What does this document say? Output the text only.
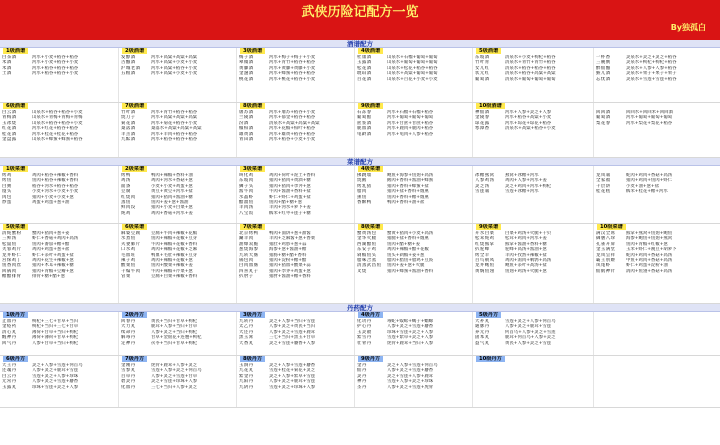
武侠历险记配方一览
By独孤白
酒谱配方
1级酒谱
白茶酒	河水+小麦+稻谷+稻谷
米酒	河水+小麦+稻谷+小麦
米酒	河水+稻谷+稻谷+稻谷
土酒	河水+稻谷+稻谷+小麦
2级酒谱
发酵酒	河水+高粱+高粱+高粱
古酿酒	河水+高粱+小麦+小麦
沪城老酒	河水+高粱+稻谷+小麦
五粮酒	河水+高粱+小麦+小麦
3级酒谱
梅子酒	河水+梅子+梅子+小麦
翠微酒	河水+青竹+稻谷+稻谷
黄藤酒	河水+黄藤+黄藤+小麦
金盏酒	河水+蜂蜜+稻谷+稻谷
桃花酒	河水+桃花+稻谷+小麦
4级酒谱
杜康酒	山泉水+石榴+葡萄+葡萄
玉露酒	山泉水+葡萄+葡萄+葡萄
松花酒	山泉水+松花+稻谷+稻谷
琥珀酒	山泉水+高粱+葡萄+葡萄
百花酒	山泉水+百花+小麦+小麦
5级酒谱
东坡酒	清泉水+小麦+枸杞+稻谷
竹叶青	清泉水+青竹+青竹+稻谷
女儿红	清泉水+稻谷+稻谷+稻谷
状元红	清泉水+稻谷+高粱+高粱
葡萄酒	清泉水+葡萄+葡萄+葡萄
一杯香	灵泉水+灵芝+灵芝+稻谷
三碗倒	灵泉水+枸杞+枸杞+稻谷
醉仙酿	灵泉水+人参+人参+稻谷
猴儿酒	灵泉水+果子+果子+果子
忘忧酒	灵泉水+雪莲+雪莲+稻谷
6级酒谱
白云酒	山泉水+稻谷+稻谷+小麦
青梅酒	山泉水+青梅+青梅+青梅
玉冰烧	山泉水+稻谷+稻谷+小麦
红花酒	河水+红花+稻谷+稻谷
桂花酒	河水+桂花+桂花+稻谷
金盘露	山泉水+蜂蜜+蜂蜜+稻谷
7级酒谱
竹叶酒	河水+青竹+稻谷+稻谷
烧刀子	河水+高粱+高粱+高粱
菊花酒	河水+菊花+稻谷+小麦
桑落酒	桑落水+高粱+高粱+高粱
羊羔酒	河水+羊肉+稻谷+稻谷
九酝酒	河水+稻谷+稻谷+稻谷
8级酒谱
屠苏酒	河水+屠苏+稻谷+小麦
兰陵酒	河水+郁金+稻谷+稻谷
汾酒	清泉水+高粱+高粱+高粱
椒柏酒	河水+花椒+柏叶+稻谷
雄黄酒	河水+雄黄+稻谷+稻谷
青田酒	河水+稻谷+小麦+小麦
9级酒谱
石冻春	河水+石榴+石榴+稻谷
葡萄醅	河水+葡萄+葡萄+葡萄
蔗浆酒	河水+甘蔗+甘蔗+稻谷
鹿血酒	河水+鹿肉+鹿肉+稻谷
龟龄酒	河水+龟肉+人参+稻谷
10级酒谱
神仙酒	河水+人参+灵芝+人参
金陵春	河水+稻谷+高粱+小麦
琼花露	河水+琼花+琼花+稻谷
寒潭香	清泉水+高粱+稻谷+小麦
回回酒	回回水+回回米+回回酒
葡萄酒	河水+葡萄+葡萄+葡萄
梨花春	河水+梨花+梨花+稻谷
菜谱配方
1级菜谱
烤鸡	鸡肉+稻谷+辣椒+香料
烤鱼	鱼肉+稻谷+辣椒+香料
白粥	稻谷+河水+稻谷+稻谷
馒头	小麦+河水+小麦+小麦
肉包	猪肉+小麦+小麦+葱
炒蛋	鸡蛋+鸡蛋+葱+油
2级菜谱
烤鸭	鸭肉+辣椒+香料+油
鸡汤	鸡肉+河水+香菇+葱
面条	小麦+小麦+鸡蛋+葱
豆腐	黄豆+黄豆+河水+盐
红烧肉	猪肉+猪肉+酱油+糖
蒸鱼	鱼肉+姜+葱+酱油
鲜肉饺	猪肉+小麦+白菜+葱
炖鸡	鸡肉+香菇+河水+姜
3级菜谱
叫化鸡	鸡肉+荷叶+泥土+香料
东坡肉	猪肉+猪肉+黄酒+糖
狮子头	猪肉+猪肉+荸荠+葱
酱牛肉	牛肉+酱油+香料+盐
水晶虾	虾仁+虾仁+鸡蛋+盐
醋溜鱼	鱼肉+醋+糖+葱
羊肉汤	羊肉+河水+萝卜+姜
八宝饭	糯米+红枣+莲子+糖
4级菜谱
佛跳墙	鲍鱼+海参+鱼翅+高汤
烧鹅	鹅肉+香料+酱油+蜂蜜
烤乳猪	猪肉+香料+蜂蜜+盐
腊肉	猪肉+盐+香料+烟熏
熏鱼	鱼肉+香料+糖+烟熏
香酥鸭	鸭肉+香料+油+盐
冰糖燕窝	燕窝+冰糖+河水
人参鸡汤	鸡肉+人参+河水+姜
灵芝汤	灵芝+鸡肉+河水+枸杞
雪莲羹	雪莲+冰糖+河水
龙凤羹	蛇肉+鸡肉+香菇+高汤
全家福	猪肉+鸡肉+鱼肉+虾仁
千层饼	小麦+油+葱+盐
桂花糕	糯米+桂花+糖+河水
5级菜谱
清炖蟹粉	蟹肉+猪肉+葱+姜
三鲜汤	虾仁+香菇+鸡肉+高汤
松鼠鱼	鱼肉+番茄+糖+醋
芙蓉鸡片	鸡肉+鸡蛋+葱+盐
龙井虾仁	虾仁+茶叶+鸡蛋+盐
宫保鸡丁	鸡肉+花生+辣椒+葱
鱼香肉丝	猪肉+木耳+辣椒+糖
回锅肉	猪肉+青椒+豆瓣+葱
糖醋排骨	排骨+糖+醋+葱
6级菜谱
麻婆豆腐	豆腐+牛肉+辣椒+花椒
水煮鱼	鱼肉+辣椒+花椒+豆芽
夫妻肺片	牛肉+辣椒+花椒+香料
口水鸡	鸡肉+辣椒+花椒+芝麻
毛血旺	鸭血+毛肚+辣椒+豆芽
辣子鸡	鸡肉+辣椒+花椒+葱
酸菜鱼	鱼肉+酸菜+辣椒+姜
干煸牛肉	牛肉+辣椒+芹菜+葱
冒菜	豆腐+白菜+辣椒+香料
7级菜谱
北京烤鸭	鸭肉+面饼+葱+甜酱
涮羊肉	羊肉+芝麻酱+葱+香菜
油爆双脆	猪肚+鸡胗+葱+蒜
葱烧海参	海参+葱+酱油+糖
九转大肠	猪肠+糖+醋+香料
锅包肉	猪肉+淀粉+糖+醋
白肉血肠	猪肉+猪血+酸菜+蒜
四喜丸子	猪肉+荸荠+鸡蛋+葱
扒肘子	猪肘+酱油+糖+香料
8级菜谱
蟹黄汤包	蟹黄+猪肉+小麦+高汤
金华火腿	猪腿+盐+香料+烟熏
西湖醋鱼	鱼肉+醋+糖+姜
东安子鸡	鸡肉+辣椒+醋+花椒
剁椒鱼头	鱼头+剁椒+姜+葱
腊味合蒸	腊肉+腊鱼+腊鸡+豆豉
清蒸武昌鱼	鱼肉+姜+葱+火腿
叉烧	猪肉+蜂蜜+酱油+香料
9级菜谱
开水白菜	白菜+鸡汤+火腿+干贝
松茸炖鸡	松茸+鸡肉+河水+姜
红烧熊掌	熊掌+酱油+香料+糖
扒驼峰	驼峰+高汤+酱油+葱
烤全羊	羊肉+孜然+辣椒+盐
百鸟朝凤	鸡肉+鸽肉+鹌鹑+高汤
龙井鲍鱼	鲍鱼+茶叶+高汤+盐
黄焖鱼翅	鱼翅+鸡汤+火腿+葱
10级菜谱
满汉全席	熊掌+燕窝+鱼翅+鲍鱼
御膳八珍	海参+鲍鱼+鱼翅+燕窝
孔雀开屏	鱼肉+青椒+红椒+葱
金玉满堂	玉米+虾仁+豌豆+胡萝卜
龙凤呈祥	蛇肉+鸡肉+香菇+高汤
霸王别姬	甲鱼+鸡肉+香菇+高汤
凤尾虾	虾仁+鸡蛋+淀粉+油
仙鹤神针	鸽肉+鱼翅+香菇+高汤
丹药配方
1级丹方
止血丹	枸杞+三七+甘草+当归
金疮药	枸杞+当归+三七+甘草
清心丸	薄荷+甘草+当归+枸杞
醒神丹	薄荷+薄荷+甘草+枸杞
回气丹	人参+甘草+当归+枸杞
2级丹方
回春丹	黄芪+当归+甘草+枸杞
大力丸	鹿茸+人参+当归+甘草
续命丹	人参+灵芝+当归+枸杞
解毒丹	甘草+金银花+连翘+枸杞
定神丹	茯苓+当归+甘草+枸杞
3级丹方
九转丹	灵芝+人参+当归+雪莲
太乙丹	人参+灵芝+黄芪+当归
大还丹	人参+灵芝+雪莲+鹿茸
黑玉膏	三七+当归+黑玉+甘草
天香丸	灵芝+雪莲+麝香+人参
4级丹方
化功丹	毒蛇+蜈蚣+蝎子+蟾蜍
护心丹	人参+灵芝+雪莲+麝香
玉灵散	珍珠+雪莲+灵芝+人参
紫雪丹	雪莲+紫草+灵芝+人参
壮骨丹	虎骨+鹿茸+当归+人参
5级丹方
大补丸	雪莲+灵芝+人参+何首乌
通脉丹	人参+灵芝+鹿茸+雪莲
养元丹	何首乌+人参+灵芝+雪莲
固本丸	鹿茸+何首乌+人参+灵芝
益气丸	黄芪+人参+灵芝+雪莲
6级丹方
天王丹	灵芝+人参+雪莲+何首乌
还魂丹	人参+灵芝+鹿茸+雪莲
白云丹	雪莲+灵芝+人参+珍珠
无常丹	人参+灵芝+雪莲+麝香
玉露丸	珍珠+雪莲+灵芝+人参
7级丹方
金刚丹	虎骨+鹿茸+人参+灵芝
雪参丸	雪莲+人参+灵芝+何首乌
百草丹	人参+灵芝+雪莲+甘草
碧灵丹	灵芝+雪莲+珍珠+人参
化血丹	三七+当归+人参+灵芝
8级丹方
玉洞丹	灵芝+人参+雪莲+麝香
九花丸	雪莲+桂花+菊花+灵芝
紫金丹	灵芝+人参+紫草+雪莲
九阳丹	人参+灵芝+鹿茸+雪莲
九阴丹	雪莲+灵芝+珍珠+人参
9级丹方
金丹	灵芝+人参+雪莲+何首乌
仙丹	人参+灵芝+雪莲+麝香
灵丹	灵芝+雪莲+人参+鹿茸
神丹	雪莲+人参+灵芝+珍珠
圣丹	人参+灵芝+雪莲+虎骨
10级丹方
